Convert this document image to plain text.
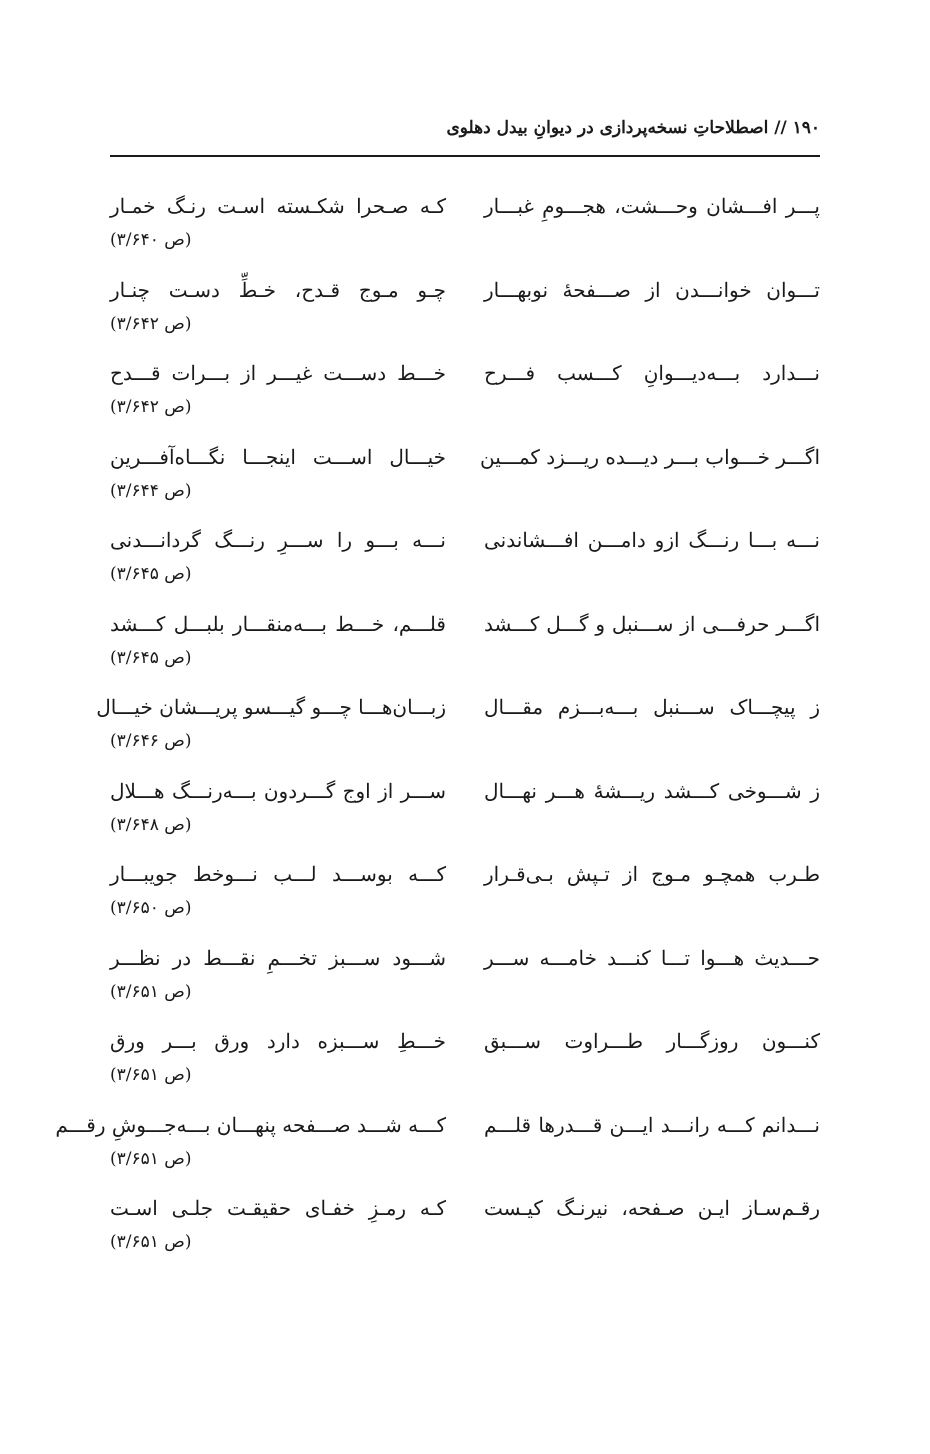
۱۹۰ // اصطلاحاتِ نسخه‌پردازی در دیوانِ بیدل دهلوی
پـــر افـــشان وحـــشت، هجـــومِ غبـــار
کـه صـحرا شکـسته اسـت رنـگ خمـار
(ص ۳/۶۴۰)
تـــوان خوانـــدن از صـــفحۀ نوبهـــار
چـو مـوج قـدح، خـطِّ دسـت چنـار
(ص ۳/۶۴۲)
نـــدارد بـــه‌دیـــوانِ کـــسب فـــرح
خـــط دســـت غیـــر از بـــرات قـــدح
(ص ۳/۶۴۲)
اگـــر خـــواب بـــر دیـــده ریـــزد کمـــین
خیـــال اســـت اینجـــا نگـــاه‌آفـــرین
(ص ۳/۶۴۴)
نـــه بـــا رنـــگ ازو دامـــن افـــشاندنی
نـــه بـــو را ســـرِ رنـــگ گردانـــدنی
(ص ۳/۶۴۵)
اگـــر حرفـــی از ســـنبل و گـــل کـــشد
قلـــم، خـــط بـــه‌منقـــار بلبـــل کـــشد
(ص ۳/۶۴۵)
ز پیچـــاک ســـنبل بـــه‌بـــزم مقـــال
زبـــان‌هـــا چـــو گیـــسو پریـــشان خیـــال
(ص ۳/۶۴۶)
ز شـــوخی کـــشد ریـــشۀ هـــر نهـــال
ســـر از اوج گـــردون بـــه‌رنـــگ هـــلال
(ص ۳/۶۴۸)
طـرب همچـو مـوج از تـپش بـی‌قـرار
کـــه بوســـد لـــب نـــوخط جویبـــار
(ص ۳/۶۵۰)
حـــدیث هـــوا تـــا کنـــد خامـــه ســـر
شـــود ســـبز تخـــمِ نقـــط در نظـــر
(ص ۳/۶۵۱)
کنـــون روزگـــار طـــراوت ســـبق
خـــطِ ســـبزه دارد ورق بـــر ورق
(ص ۳/۶۵۱)
نـــدانم کـــه رانـــد ایـــن قـــدرها قلـــم
کـــه شـــد صـــفحه پنهـــان بـــه‌جـــوشِ رقـــم
(ص ۳/۶۵۱)
رقـم‌سـاز ایـن صـفحه، نیرنـگ کیـست
کـه رمـزِ خفـای حقیقـت جلـی اسـت
(ص ۳/۶۵۱)
